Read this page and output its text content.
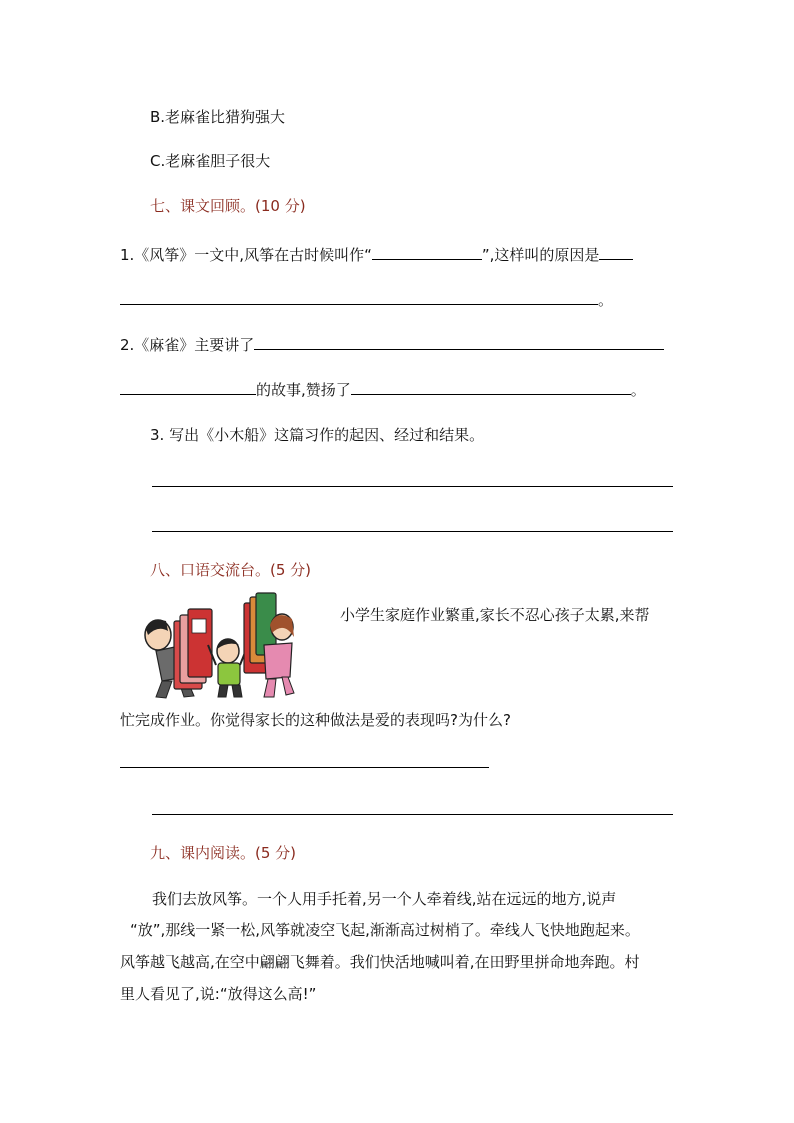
B.老麻雀比猎狗强大
C.老麻雀胆子很大
七、课文回顾。(10 分)
1.《风筝》一文中,风筝在古时候叫作“	”,这样叫的原因是
。
2.《麻雀》主要讲了
的故事,赞扬了	。
3. 写出《小木船》这篇习作的起因、经过和结果。
八、口语交流台。(5 分)
小学生家庭作业繁重,家长不忍心孩子太累,来帮
忙完成作业。你觉得家长的这种做法是爱的表现吗?为什么?
九、课内阅读。(5 分)
我们去放风筝。一个人用手托着,另一个人牵着线,站在远远的地方,说声
“放”,那线一紧一松,风筝就凌空飞起,渐渐高过树梢了。牵线人飞快地跑起来。
风筝越飞越高,在空中翩翩飞舞着。我们快活地喊叫着,在田野里拼命地奔跑。村
里人看见了,说:“放得这么高!”
